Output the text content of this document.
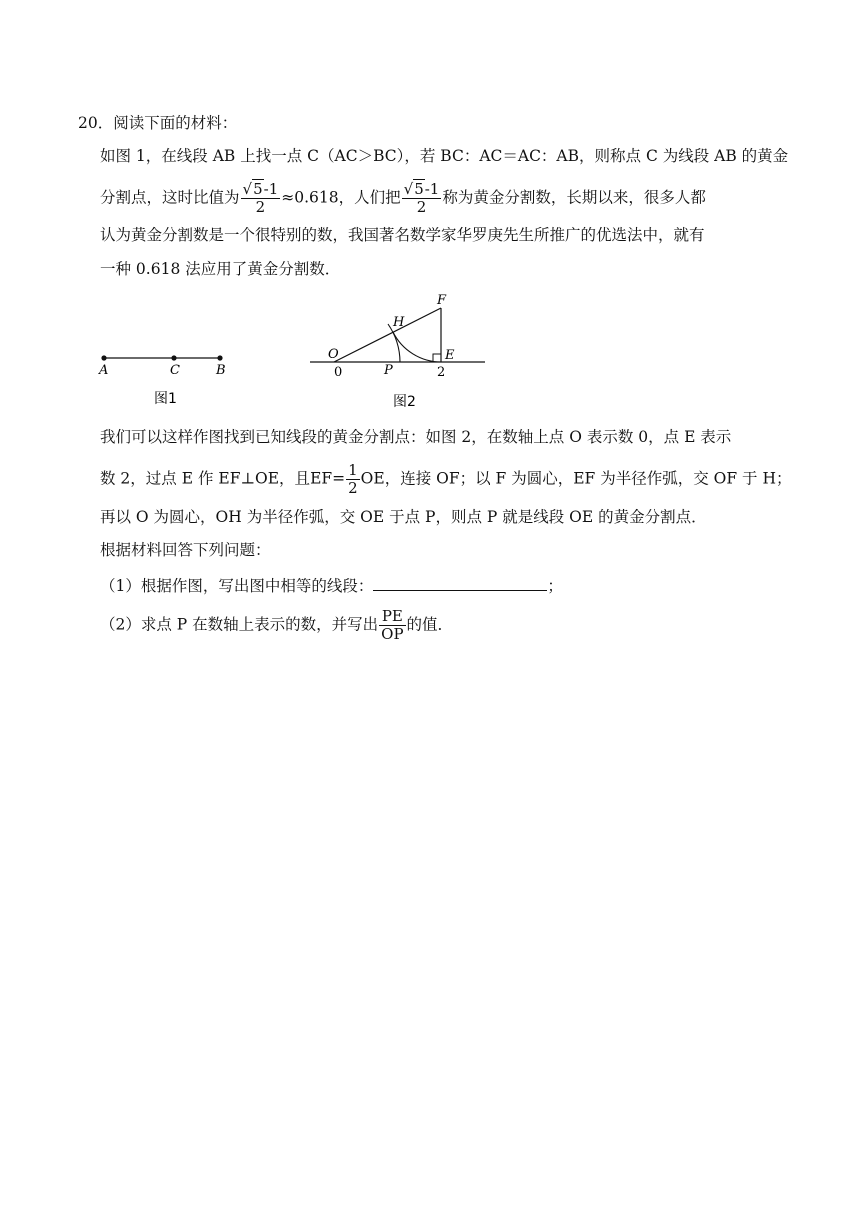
20．阅读下面的材料：
如图 1，在线段 AB 上找一点 C（AC＞BC），若 BC：AC＝AC：AB，则称点 C 为线段 AB 的黄金
分割点，这时比值为 $\frac{√5-1}{2} \approx 0.618$，人们把 $\frac{√5-1}{2}$ 称为黄金分割数，长期以来，很多人都
认为黄金分割数是一个很特别的数，我国著名数学家华罗庚先生所推广的优选法中，就有
一种 0.618 法应用了黄金分割数．
A	C	B
图1
F
H
O	E
P
0	2
图2
我们可以这样作图找到已知线段的黄金分割点：如图 2，在数轴上点 O 表示数 0，点 E 表示
数 2，过点 E 作 EF⊥OE，且$EF= \frac{1}{2}$ OE，连接 OF；以 F 为圆心，EF 为半径作弧，交 OF 于 H；
再以 O 为圆心，OH 为半径作弧，交 OE 于点 P，则点 P 就是线段 OE 的黄金分割点．
根据材料回答下列问题：
（1）根据作图，写出图中相等的线段：	；
（2）求点 P 在数轴上表示的数，并写出 $\frac{PE}{OP}$ 的值．
